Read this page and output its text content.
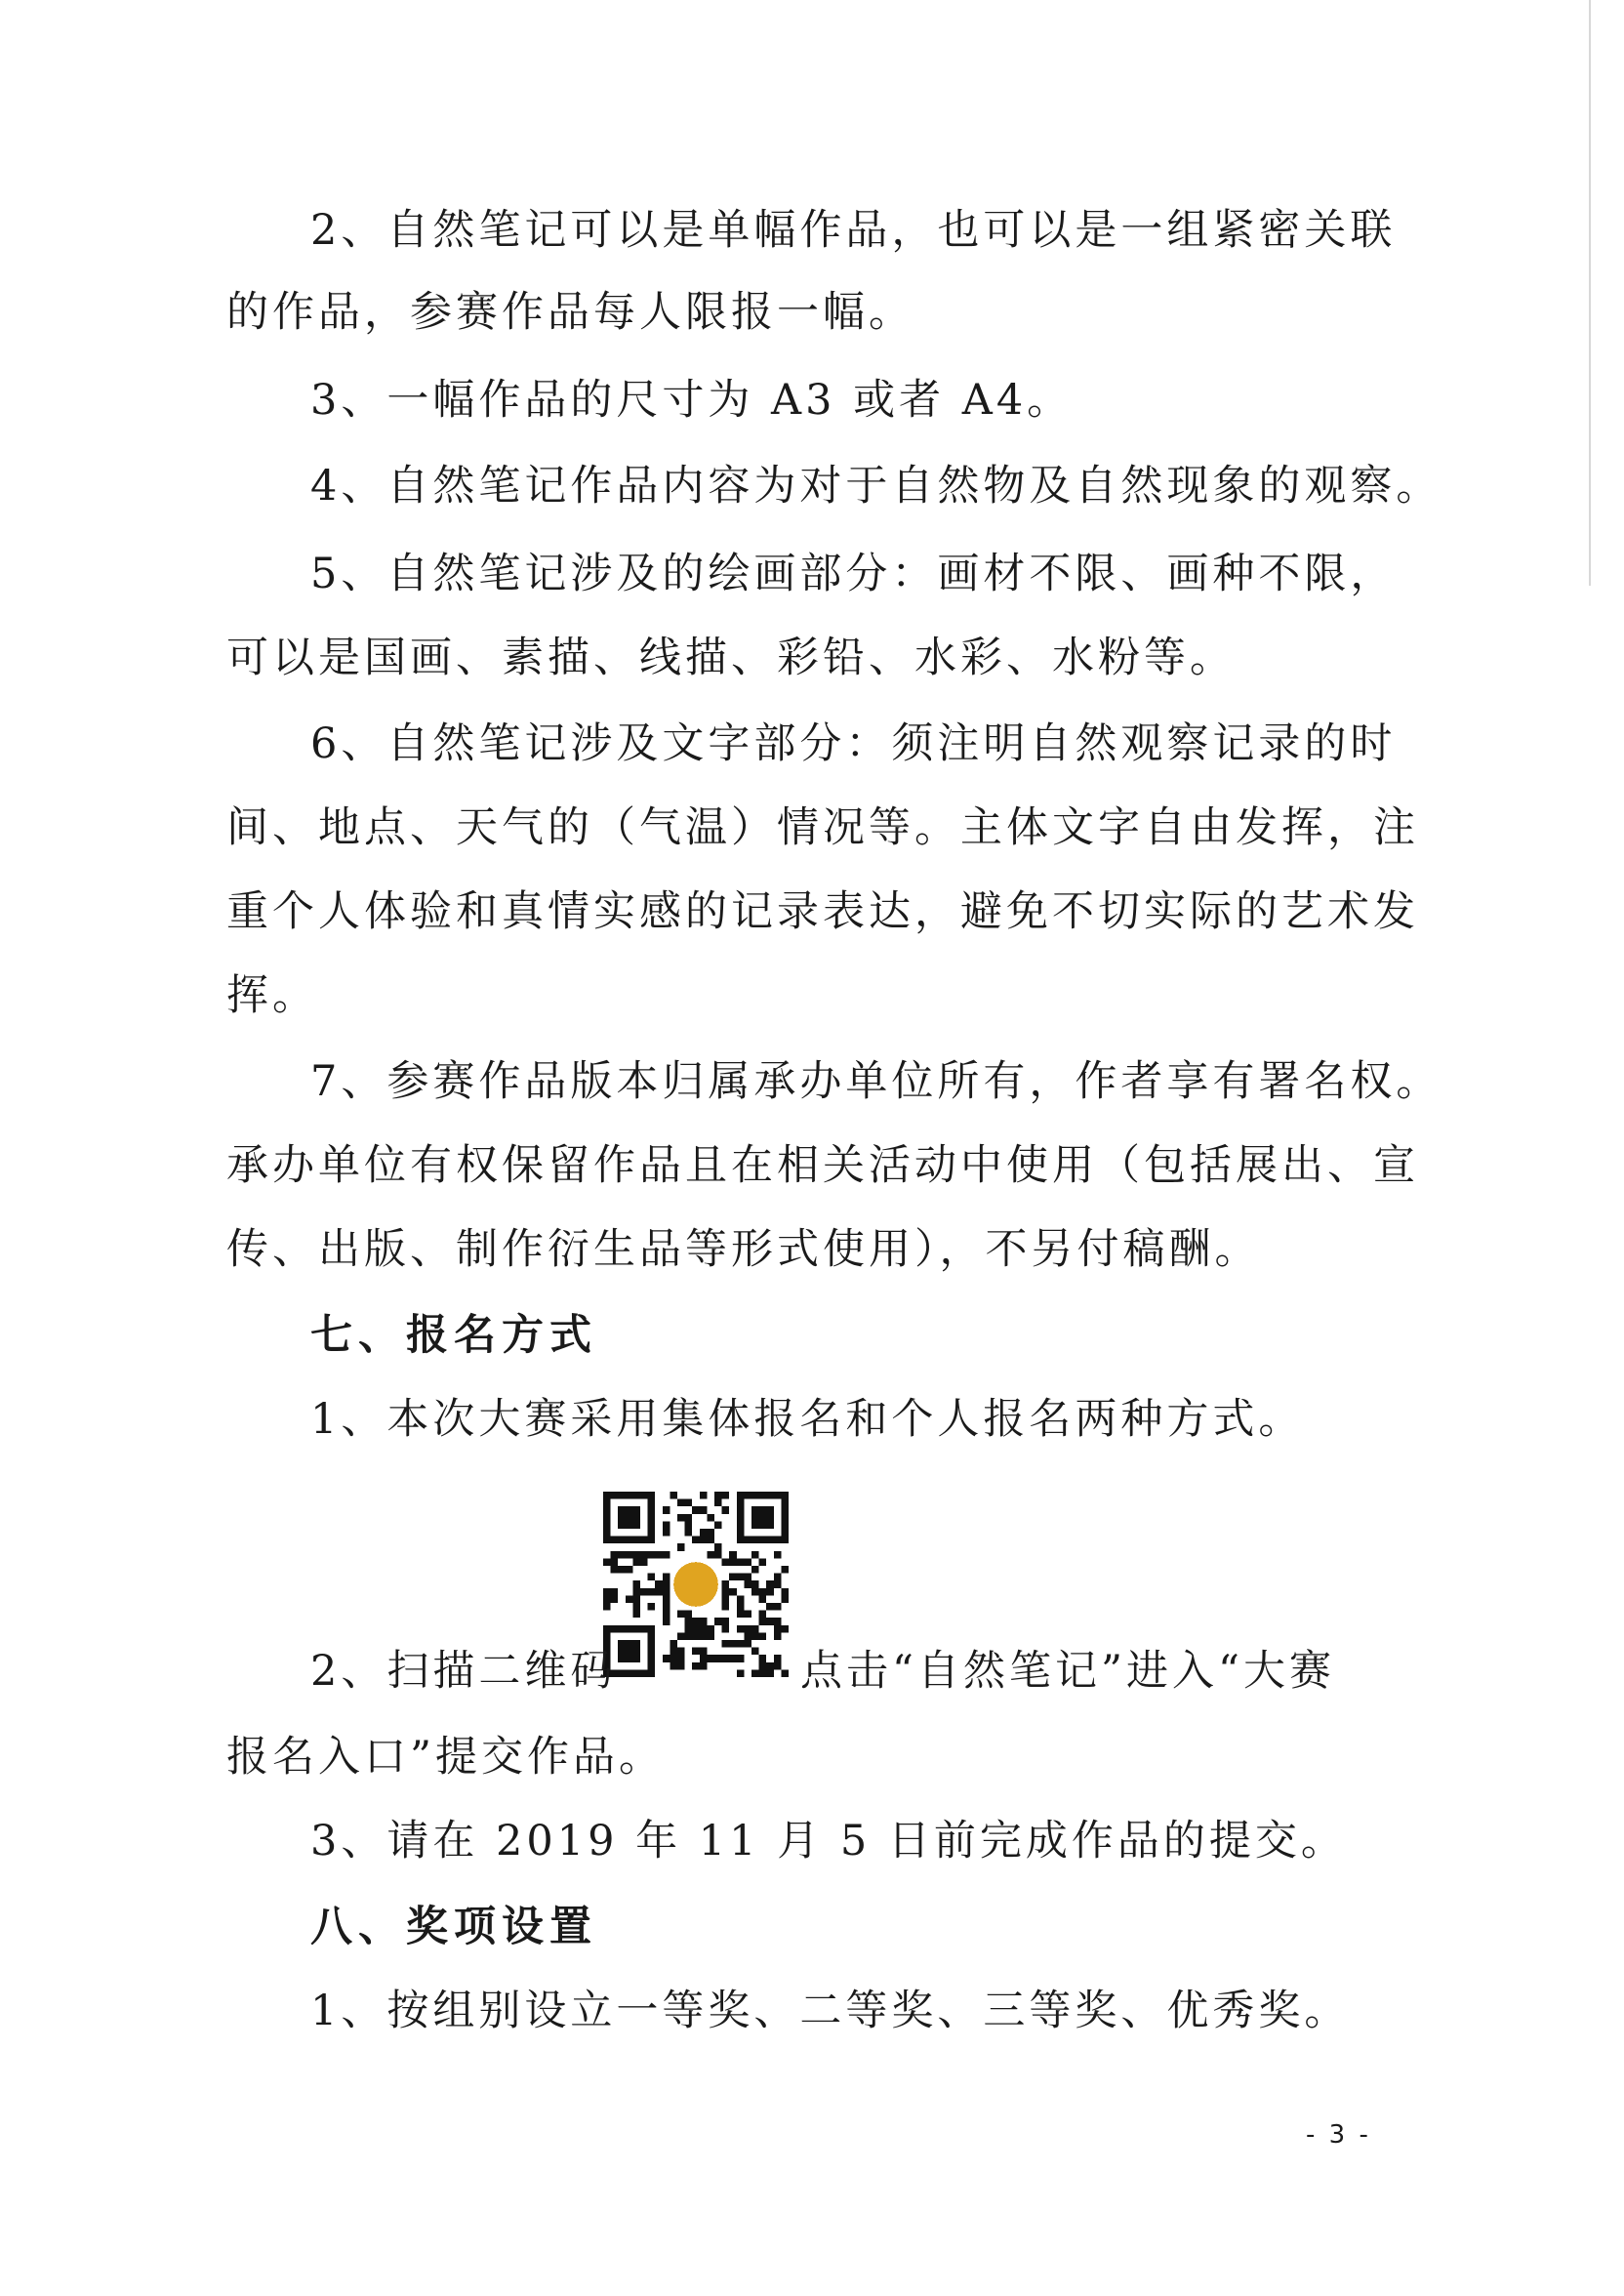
2、自然笔记可以是单幅作品，也可以是一组紧密关联
的作品，参赛作品每人限报一幅。
3、一幅作品的尺寸为 A3 或者 A4。
4、自然笔记作品内容为对于自然物及自然现象的观察。
5、自然笔记涉及的绘画部分：画材不限、画种不限，
可以是国画、素描、线描、彩铅、水彩、水粉等。
6、自然笔记涉及文字部分：须注明自然观察记录的时
间、地点、天气的（气温）情况等。主体文字自由发挥，注
重个人体验和真情实感的记录表达，避免不切实际的艺术发
挥。
7、参赛作品版本归属承办单位所有，作者享有署名权。
承办单位有权保留作品且在相关活动中使用（包括展出、宣
传、出版、制作衍生品等形式使用），不另付稿酬。
七、报名方式
1、本次大赛采用集体报名和个人报名两种方式。
2、扫描二维码	点击“自然笔记”进入“大赛
报名入口”提交作品。
3、请在 2019 年 11 月 5 日前完成作品的提交。
八、奖项设置
1、按组别设立一等奖、二等奖、三等奖、优秀奖。
- 3 -
